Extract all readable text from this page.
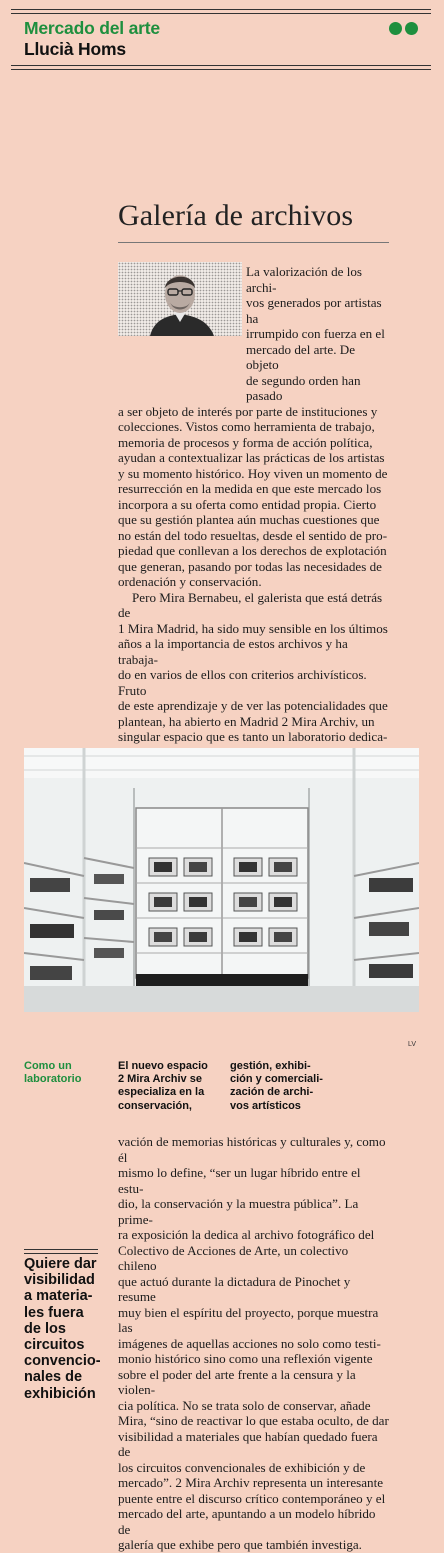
Mercado del arte
Llucià Homs
Galería de archivos
La valorización de los archi-
vos generados por artistas ha
irrumpido con fuerza en el
mercado del arte. De objeto
de segundo orden han pasado
a ser objeto de interés por parte de instituciones y
colecciones. Vistos como herramienta de trabajo,
memoria de procesos y forma de acción política,
ayudan a contextualizar las prácticas de los artistas
y su momento histórico. Hoy viven un momento de
resurrección en la medida en que este mercado los
incorpora a su oferta como entidad propia. Cierto
que su gestión plantea aún muchas cuestiones que
no están del todo resueltas, desde el sentido de pro-
piedad que conllevan a los derechos de explotación
que generan, pasando por todas las necesidades de
ordenación y conservación.
Pero Mira Bernabeu, el galerista que está detrás de
1 Mira Madrid, ha sido muy sensible en los últimos
años a la importancia de estos archivos y ha trabaja-
do en varios de ellos con criterios archivísticos. Fruto
de este aprendizaje y de ver las potencialidades que
plantean, ha abierto en Madrid 2 Mira Archiv, un
singular espacio que es tanto un laboratorio dedica-
LV
Como un
laboratorio
El nuevo espacio
2 Mira Archiv se
especializa en la
conservación,
gestión, exhibi-
ción y comerciali-
zación de archi-
vos artísticos
vación de memorias históricas y culturales y, como él
mismo lo define, “ser un lugar híbrido entre el estu-
dio, la conservación y la muestra pública”. La prime-
ra exposición la dedica al archivo fotográfico del
Colectivo de Acciones de Arte, un colectivo chileno
que actuó durante la dictadura de Pinochet y resume
muy bien el espíritu del proyecto, porque muestra las
imágenes de aquellas acciones no solo como testi-
monio histórico sino como una reflexión vigente
sobre el poder del arte frente a la censura y la violen-
cia política. No se trata solo de conservar, añade
Mira, “sino de reactivar lo que estaba oculto, de dar
visibilidad a materiales que habían quedado fuera de
los circuitos convencionales de exhibición y de
mercado”. 2 Mira Archiv representa un interesante
puente entre el discurso crítico contemporáneo y el
mercado del arte, apuntando a un modelo híbrido de
galería que exhibe pero que también investiga.
Quiere dar
visibilidad
a materia-
les fuera
de los
circuitos
convencio-
nales de
exhibición
